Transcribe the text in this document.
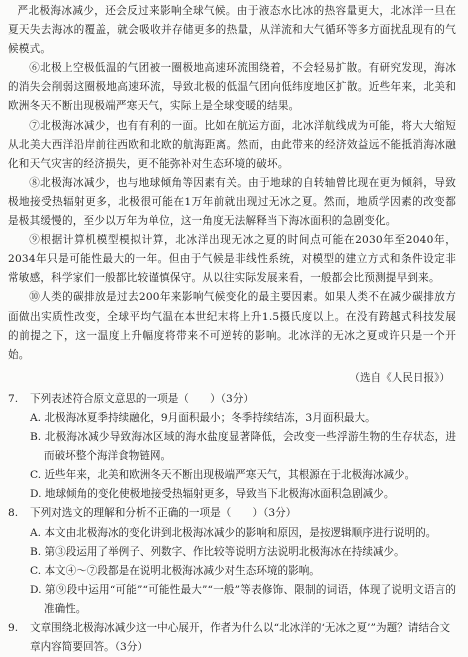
严北极海冰减少，还会反过来影响全球气候。由于液态水比冰的热容量更大，北冰洋一旦在夏天失去海冰的覆盖，就会吸收并存储更多的热量，从洋流和大气循环等多方面扰乱现有的气候模式。

⑥北极上空极低温的气团被一圈极地高速环流围绕着，不会轻易扩散。有研究发现，海冰的消失会削弱这圈极地高速环流，导致北极的低温气团向低纬度地区扩散。近些年来，北美和欧洲冬天不断出现极端严寒天气，实际上是全球变暖的结果。

⑦北极海冰减少，也有有利的一面。比如在航运方面，北冰洋航线成为可能，将大大缩短从北美大西洋沿岸前往西欧和北欧的航海距离。然而，由此带来的经济效益远不能抵消海冰融化和天气灾害的经济损失，更不能弥补对生态环境的破坏。

⑧北极海冰减少，也与地球倾角等因素有关。由于地球的自转轴曾比现在更为倾斜，导致极地接受热辐射更多，北极很可能在1万年前就出现过无冰之夏。然而，地质学因素的改变都是极其缓慢的，至少以万年为单位，这一角度无法解释当下海冰面积的急剧变化。

⑨根据计算机模型模拟计算，北冰洋出现无冰之夏的时间点可能在2030年至2040年，2034年只是可能性最大的一年。但由于气候是非线性系统，对模型的建立方式和条件设定非常敏感，科学家们一般都比较谨慎保守。从以往实际发展来看，一般都会比预测提早到来。

⑩人类的碳排放是过去200年来影响气候变化的最主要因素。如果人类不在减少碳排放方面做出实质性改变，全球平均气温在本世纪末将上升1.5摄氏度以上。在没有跨越式科技发展的前提之下，这一温度上升幅度将带来不可逆转的影响。北冰洋的无冰之夏或许只是一个开始。

（选自《人民日报》）

7. 下列表述符合原文意思的一项是（　　）（3分）

A. 北极海冰夏季持续融化，9月面积最小；冬季持续结冻，3月面积最大。

B. 北极海冰减少导致海冰区域的海水盐度显著降低，会改变一些浮游生物的生存状态，进而破坏整个海洋食物链网。

C. 近些年来，北美和欧洲冬天不断出现极端严寒天气，其根源在于北极海冰减少。

D. 地球倾角的变化使极地接受热辐射更多，导致当下北极海冰面积急剧减少。

8. 下列对选文的理解和分析不正确的一项是（　　）（3分）

A. 本文由北极海冰的变化讲到北极海冰减少的影响和原因，是按逻辑顺序进行说明的。

B. 第③段运用了举例子、列数字、作比较等说明方法说明北极海冰在持续减少。

C. 本文④～⑦段都是在说明北极海冰减少对生态环境的影响。

D. 第⑨段中运用“可能”“可能性最大”“一般”等表修饰、限制的词语，体现了说明文语言的准确性。

9. 文章围绕北极海冰减少这一中心展开，作者为什么以“北冰洋的‘无冰之夏’”为题？请结合文章内容简要回答。（3分）
